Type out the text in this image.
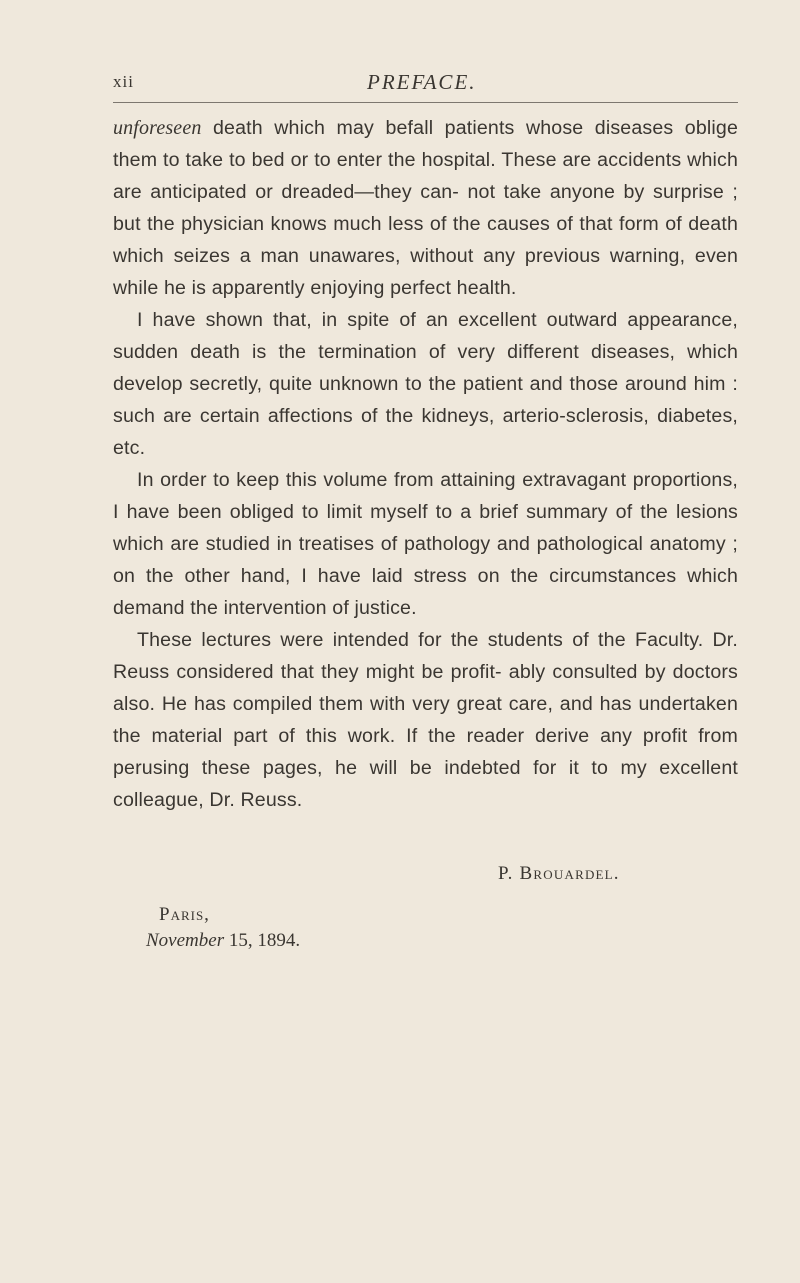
xii	PREFACE.

unforeseen death which may befall patients whose diseases oblige them to take to bed or to enter the hospital. These are accidents which are anticipated or dreaded—they can- not take anyone by surprise ; but the physician knows much less of the causes of that form of death which seizes a man unawares, without any previous warning, even while he is apparently enjoying perfect health.

I have shown that, in spite of an excellent outward appearance, sudden death is the termination of very different diseases, which develop secretly, quite unknown to the patient and those around him : such are certain affections of the kidneys, arterio-sclerosis, diabetes, etc.

In order to keep this volume from attaining extravagant proportions, I have been obliged to limit myself to a brief summary of the lesions which are studied in treatises of pathology and pathological anatomy ; on the other hand, I have laid stress on the circumstances which demand the intervention of justice.

These lectures were intended for the students of the Faculty. Dr. Reuss considered that they might be profit- ably consulted by doctors also. He has compiled them with very great care, and has undertaken the material part of this work. If the reader derive any profit from perusing these pages, he will be indebted for it to my excellent colleague, Dr. Reuss.

P. Brouardel.
Paris,
November 15, 1894.
